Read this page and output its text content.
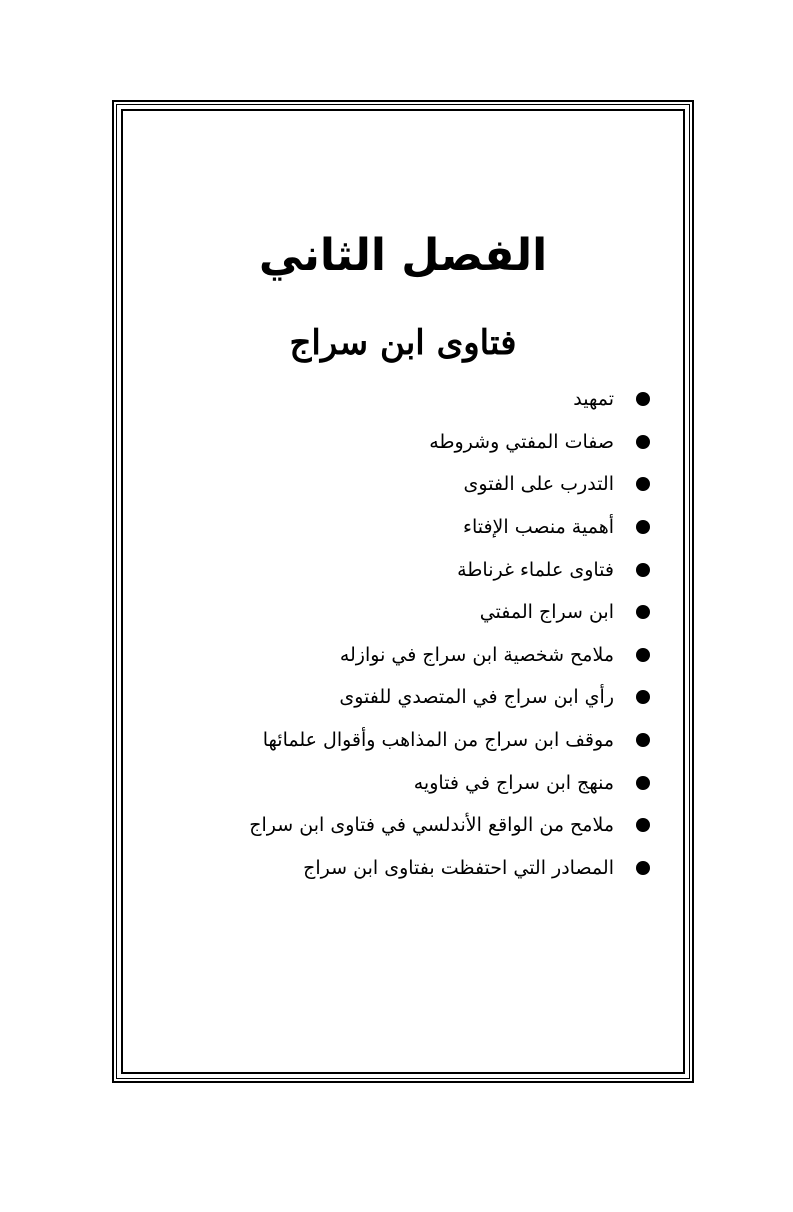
الفصل الثاني
فتاوى ابن سراج
تمهيد
صفات المفتي وشروطه
التدرب على الفتوى
أهمية منصب الإفتاء
فتاوى علماء غرناطة
ابن سراج المفتي
ملامح شخصية ابن سراج في نوازله
رأي ابن سراج في المتصدي للفتوى
موقف ابن سراج من المذاهب وأقوال علمائها
منهج ابن سراج في فتاويه
ملامح من الواقع الأندلسي في فتاوى ابن سراج
المصادر التي احتفظت بفتاوى ابن سراج
